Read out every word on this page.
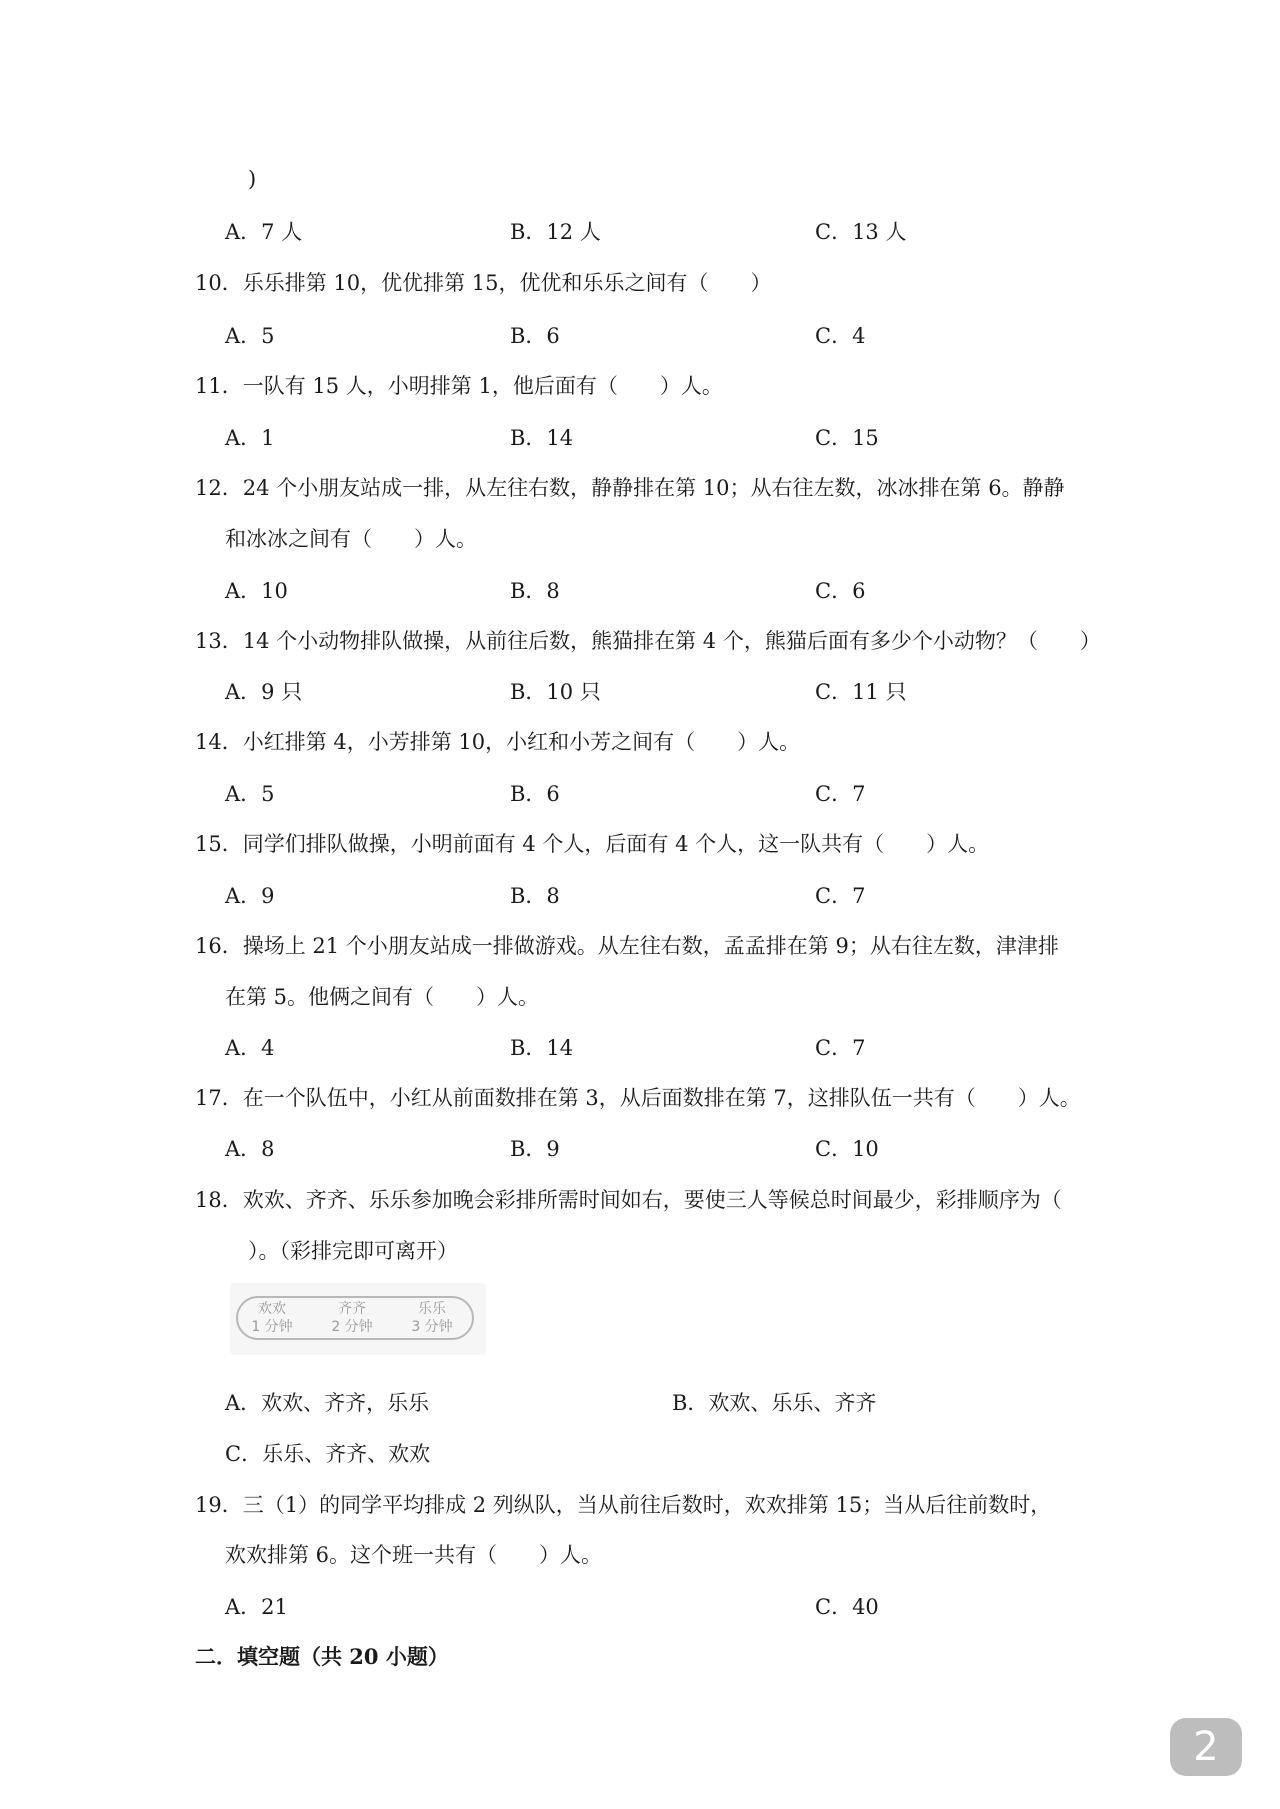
)
A．7 人	B．12 人	C．13 人
10．乐乐排第 10，优优排第 15，优优和乐乐之间有（　　）
A．5	B．6	C．4
11．一队有 15 人，小明排第 1，他后面有（　　）人。
A．1	B．14	C．15
12．24 个小朋友站成一排，从左往右数，静静排在第 10；从右往左数，冰冰排在第 6。静静
和冰冰之间有（　　）人。
A．10	B．8	C．6
13．14 个小动物排队做操，从前往后数，熊猫排在第 4 个，熊猫后面有多少个小动物？（　　）
A．9 只	B．10 只	C．11 只
14．小红排第 4，小芳排第 10，小红和小芳之间有（　　）人。
A．5	B．6	C．7
15．同学们排队做操，小明前面有 4 个人，后面有 4 个人，这一队共有（　　）人。
A．9	B．8	C．7
16．操场上 21 个小朋友站成一排做游戏。从左往右数，孟孟排在第 9；从右往左数，津津排
在第 5。他俩之间有（　　）人。
A．4	B．14	C．7
17．在一个队伍中，小红从前面数排在第 3，从后面数排在第 7，这排队伍一共有（　　）人。
A．8	B．9	C．10
18．欢欢、齐齐、乐乐参加晚会彩排所需时间如右，要使三人等候总时间最少，彩排顺序为（
）。（彩排完即可离开）
欢欢
1 分钟
齐齐
2 分钟
乐乐
3 分钟
A．欢欢、齐齐，乐乐	B．欢欢、乐乐、齐齐
C．乐乐、齐齐、欢欢
19．三（1）的同学平均排成 2 列纵队，当从前往后数时，欢欢排第 15；当从后往前数时，
欢欢排第 6。这个班一共有（　　）人。
A．21	C．40
二．填空题（共 20 小题）
2
